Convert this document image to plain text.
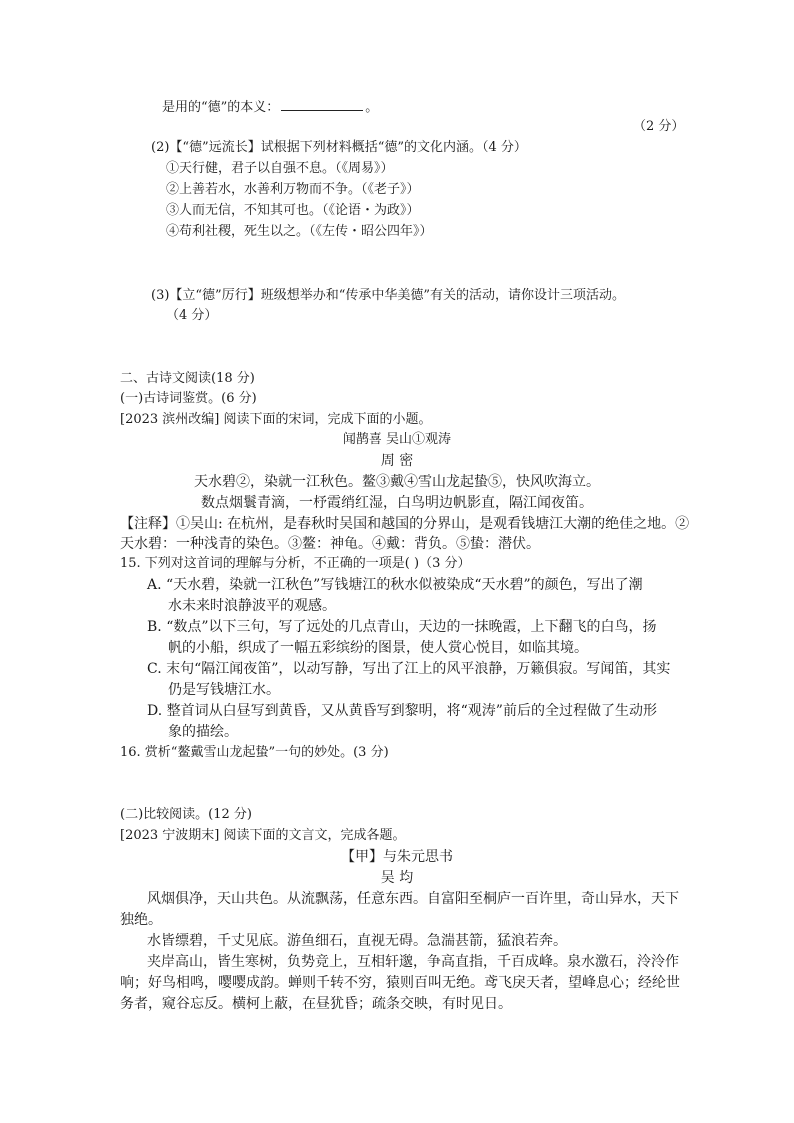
是用的“德”的本义：	。
（2 分）
(2)【“德”远流长】试根据下列材料概括“德”的文化内涵。（4 分）
①天行健，君子以自强不息。（《周易》）
②上善若水，水善利万物而不争。（《老子》）
③人而无信，不知其可也。（《论语・为政》）
④苟利社稷，死生以之。（《左传・昭公四年》）
(3)【立“德”厉行】班级想举办和“传承中华美德”有关的活动，请你设计三项活动。
（4 分）
二、古诗文阅读(18 分)
(一)古诗词鉴赏。(6 分)
[2023 滨州改编] 阅读下面的宋词，完成下面的小题。
闻鹊喜 吴山①观涛
周 密
天水碧②，染就一江秋色。鳌③戴④雪山龙起蛰⑤，快风吹海立。
数点烟鬟青滴，一杼霞绡红湿，白鸟明边帆影直，隔江闻夜笛。
【注释】①吴山: 在杭州，是春秋时吴国和越国的分界山，是观看钱塘江大潮的绝佳之地。②
天水碧：一种浅青的染色。③鳌：神龟。④戴：背负。⑤蛰：潜伏。
15. 下列对这首词的理解与分析，不正确的一项是( )（3 分）
A. “天水碧，染就一江秋色”写钱塘江的秋水似被染成“天水碧”的颜色，写出了潮
水未来时浪静波平的观感。
B. “数点”以下三句，写了远处的几点青山，天边的一抹晚霞，上下翻飞的白鸟，扬
帆的小船，织成了一幅五彩缤纷的图景，使人赏心悦目，如临其境。
C. 末句“隔江闻夜笛”，以动写静，写出了江上的风平浪静，万籁俱寂。写闻笛，其实
仍是写钱塘江水。
D. 整首词从白昼写到黄昏，又从黄昏写到黎明，将“观涛”前后的全过程做了生动形
象的描绘。
16. 赏析“鳌戴雪山龙起蛰”一句的妙处。(3 分)
(二)比较阅读。(12 分)
[2023 宁波期末] 阅读下面的文言文，完成各题。
【甲】与朱元思书
吴 均
风烟俱净，天山共色。从流飘荡，任意东西。自富阳至桐庐一百许里，奇山异水，天下
独绝。
水皆缥碧，千丈见底。游鱼细石，直视无碍。急湍甚箭，猛浪若奔。
夹岸高山，皆生寒树，负势竞上，互相轩邈，争高直指，千百成峰。泉水激石，泠泠作
响；好鸟相鸣，嘤嘤成韵。蝉则千转不穷，猿则百叫无绝。鸢飞戾天者，望峰息心；经纶世
务者，窥谷忘反。横柯上蔽，在昼犹昏；疏条交映，有时见日。
